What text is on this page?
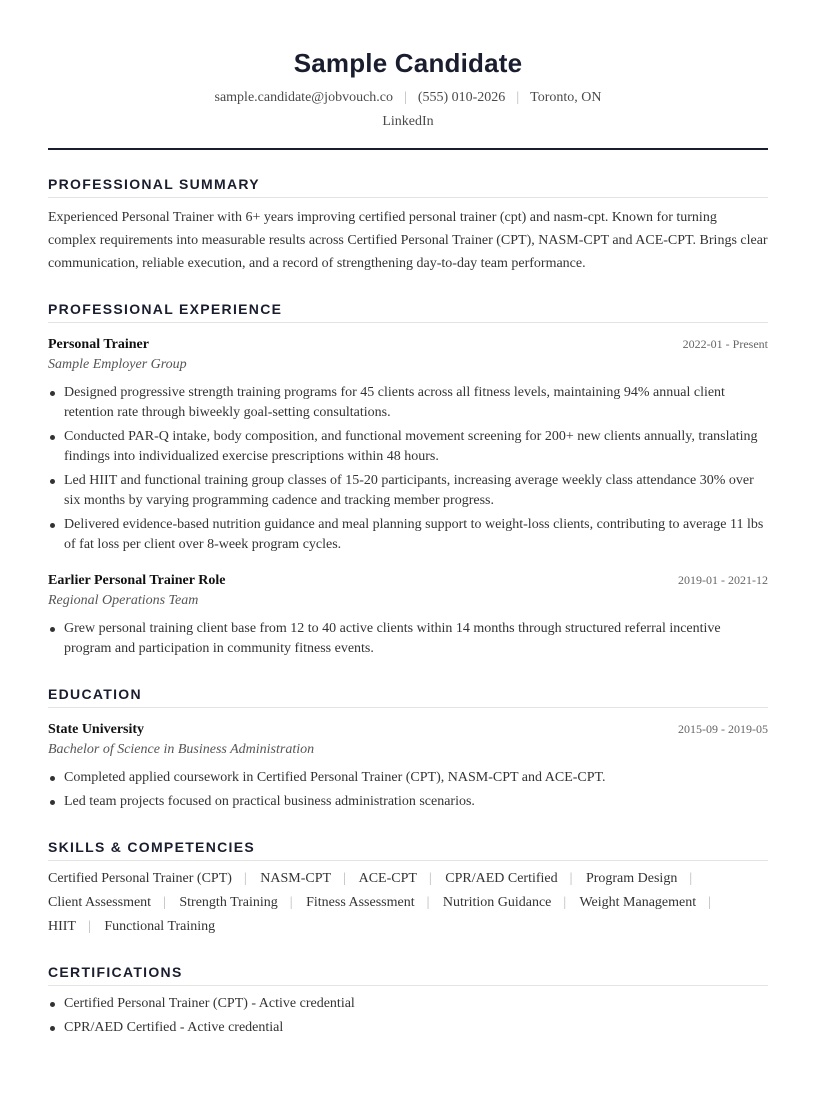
Sample Candidate
sample.candidate@jobvouch.co | (555) 010-2026 | Toronto, ON
LinkedIn
PROFESSIONAL SUMMARY
Experienced Personal Trainer with 6+ years improving certified personal trainer (cpt) and nasm-cpt. Known for turning complex requirements into measurable results across Certified Personal Trainer (CPT), NASM-CPT and ACE-CPT. Brings clear communication, reliable execution, and a record of strengthening day-to-day team performance.
PROFESSIONAL EXPERIENCE
Personal Trainer	2022-01 - Present
Sample Employer Group
Designed progressive strength training programs for 45 clients across all fitness levels, maintaining 94% annual client retention rate through biweekly goal-setting consultations.
Conducted PAR-Q intake, body composition, and functional movement screening for 200+ new clients annually, translating findings into individualized exercise prescriptions within 48 hours.
Led HIIT and functional training group classes of 15-20 participants, increasing average weekly class attendance 30% over six months by varying programming cadence and tracking member progress.
Delivered evidence-based nutrition guidance and meal planning support to weight-loss clients, contributing to average 11 lbs of fat loss per client over 8-week program cycles.
Earlier Personal Trainer Role	2019-01 - 2021-12
Regional Operations Team
Grew personal training client base from 12 to 40 active clients within 14 months through structured referral incentive program and participation in community fitness events.
EDUCATION
State University	2015-09 - 2019-05
Bachelor of Science in Business Administration
Completed applied coursework in Certified Personal Trainer (CPT), NASM-CPT and ACE-CPT.
Led team projects focused on practical business administration scenarios.
SKILLS & COMPETENCIES
Certified Personal Trainer (CPT) | NASM-CPT | ACE-CPT | CPR/AED Certified | Program Design | Client Assessment | Strength Training | Fitness Assessment | Nutrition Guidance | Weight Management | HIIT | Functional Training
CERTIFICATIONS
Certified Personal Trainer (CPT) - Active credential
CPR/AED Certified - Active credential
